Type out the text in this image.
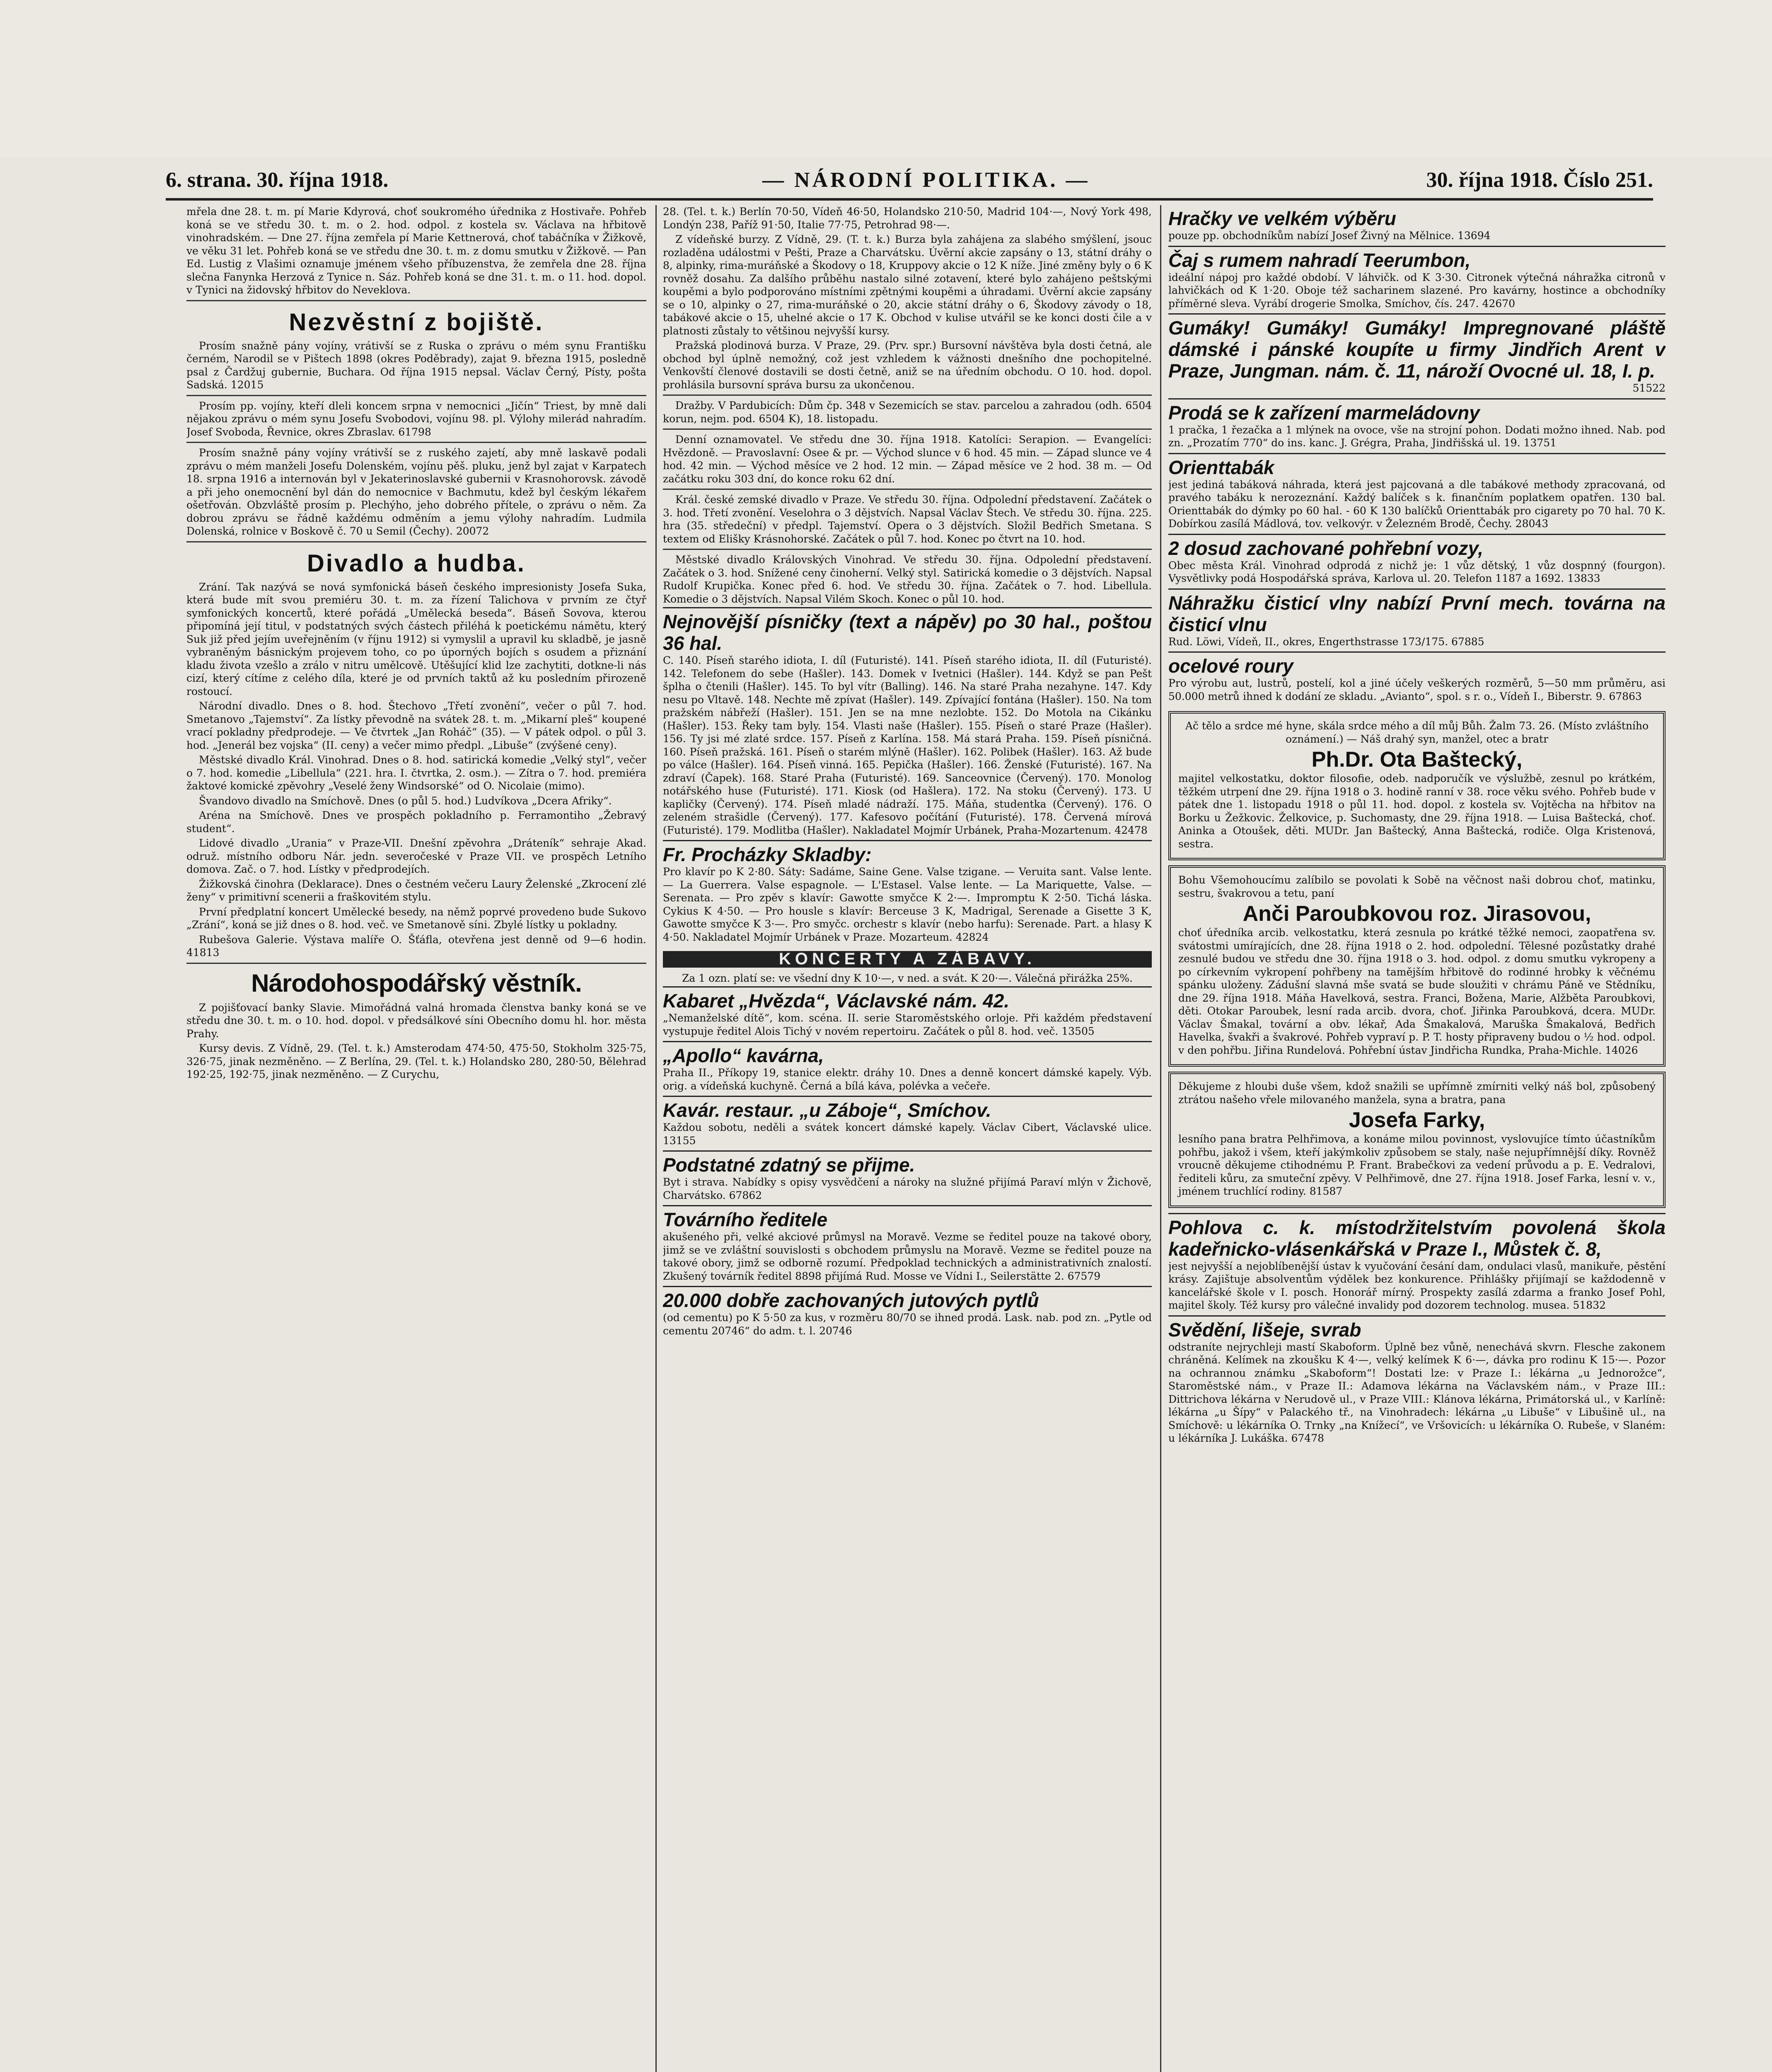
6. strana. 30. října 1918.	— NÁRODNÍ POLITIKA. —	30. října 1918. Číslo 251.

mřela dne 28. t. m. pí Marie Kdyrová, choť soukromého úřednika z Hostivaře. Pohřeb koná se ve středu 30. t. m. o 2. hod. odpol. z kostela sv. Václava na hřbitově vinohradském. — Dne 27. října zemřela pí Marie Kettnerová, choť tabáčníka v Žižkově, ve věku 31 let. Pohřeb koná se ve středu dne 30. t. m. z domu smutku v Žižkově. — Pan Ed. Lustig z Vlašimi oznamuje jménem všeho příbuzenstva, že zemřela dne 28. října slečna Fanynka Herzová z Tynice n. Sáz. Pohřeb koná se dne 31. t. m. o 11. hod. dopol. v Tynici na židovský hřbitov do Neveklova.

Nezvěstní z bojiště.

Prosím snažně pány vojíny, vrátivší se z Ruska o zprávu o mém synu Františku černém, Narodil se v Pištech 1898 (okres Poděbrady), zajat 9. března 1915, posledně psal z Čardžuj gubernie, Buchara. Od října 1915 nepsal. Václav Černý, Písty, pošta Sadská. 12015

Prosím pp. vojíny, kteří dleli koncem srpna v nemocnici „Jičín“ Triest, by mně dali nějakou zprávu o mém synu Josefu Svobodovi, vojínu 98. pl. Výlohy milerád nahradím. Josef Svoboda, Řevnice, okres Zbraslav. 61798

Prosím snažně pány vojíny vrátivší se z ruského zajetí, aby mně laskavě podali zprávu o mém manželi Josefu Dolenském, vojínu pěš. pluku, jenž byl zajat v Karpatech 18. srpna 1916 a internován byl v Jekaterinoslavské gubernii v Krasnohorovsk. závodě a při jeho onemocnění byl dán do nemocnice v Bachmutu, kdež byl českým lékařem ošetřován. Obzvláště prosím p. Plechýho, jeho dobrého přítele, o zprávu o něm. Za dobrou zprávu se řádně každému odměním a jemu výlohy nahradím. Ludmila Dolenská, rolnice v Boskově č. 70 u Semil (Čechy). 20072

Divadlo a hudba.

Zrání. Tak nazývá se nová symfonická báseň českého impresionisty Josefa Suka, která bude mít svou premiéru 30. t. m. za řízení Talichova v prvním ze čtyř symfonických koncertů, které pořádá „Umělecká beseda“. Báseň Sovova, kterou připomíná její titul, v podstatných svých částech přiléhá k poetickému námětu, který Suk již před jejím uveřejněním (v říjnu 1912) si vymyslil a upravil ku skladbě, je jasně vybraněným básnickým projevem toho, co po úporných bojích s osudem a přiznání kladu života vzešlo a zrálo v nitru umělcově. Utěšující klid lze zachytiti, dotkne-li nás cizí, který cítíme z celého díla, které je od prvních taktů až ku posledním přirozeně rostoucí.

Národní divadlo. Dnes o 8. hod. Štechovo „Třetí zvonění“, večer o půl 7. hod. Smetanovo „Tajemství“. Za lístky převodně na svátek 28. t. m. „Mikarní pleš“ koupené vrací pokladny předprodeje. — Ve čtvrtek „Jan Roháč“ (35). — V pátek odpol. o půl 3. hod. „Jenerál bez vojska“ (II. ceny) a večer mimo předpl. „Libuše“ (zvýšené ceny).

Městské divadlo Král. Vinohrad. Dnes o 8. hod. satirická komedie „Velký styl“, večer o 7. hod. komedie „Libellula“ (221. hra. I. čtvrtka, 2. osm.). — Zítra o 7. hod. premiéra žaktové komické zpěvohry „Veselé ženy Windsorské“ od O. Nicolaie (mimo).

Švandovo divadlo na Smíchově. Dnes (o půl 5. hod.) Ludvíkova „Dcera Afriky“.

Aréna na Smíchově. Dnes ve prospěch pokladního p. Ferramontiho „Žebravý student“.

Lidové divadlo „Urania“ v Praze-VII. Dnešní zpěvohra „Dráteník“ sehraje Akad. odruž. místního odboru Nár. jedn. severočeské v Praze VII. ve prospěch Letního domova. Zač. o 7. hod. Lístky v předprodejích.

Žižkovská činohra (Deklarace). Dnes o čestném večeru Laury Želenské „Zkrocení zlé ženy“ v primitivní scenerii a fraškovitém stylu.

První předplatní koncert Umělecké besedy, na němž poprvé provedeno bude Sukovo „Zrání“, koná se již dnes o 8. hod. več. ve Smetanově síni. Zbylé lístky u pokladny.

Rubešova Galerie. Výstava malíře O. Šťáfla, otevřena jest denně od 9—6 hodin. 41813

Národohospodářský věstník.

Z pojišťovací banky Slavie. Mimořádná valná hromada členstva banky koná se ve středu dne 30. t. m. o 10. hod. dopol. v předsálkové síni Obecního domu hl. hor. města Prahy.

Kursy devis. Z Vídně, 29. (Tel. t. k.) Amsterodam 474·50, 475·50, Stokholm 325·75, 326·75, jinak nezměněno. — Z Berlína, 29. (Tel. t. k.) Holandsko 280, 280·50, Bělehrad 192·25, 192·75, jinak nezměněno. — Z Curychu,

28. (Tel. t. k.) Berlín 70·50, Vídeň 46·50, Holandsko 210·50, Madrid 104·—, Nový York 498, Londýn 238, Paříž 91·50, Italie 77·75, Petrohrad 98·—.

Z vídeňské burzy. Z Vídně, 29. (T. t. k.) Burza byla zahájena za slabého smýšlení, jsouc rozladěna událostmi v Pešti, Praze a Charvátsku. Úvěrní akcie zapsány o 13, státní dráhy o 8, alpinky, rima-muráňské a Škodovy o 18, Kruppovy akcie o 12 K níže. Jiné změny byly o 6 K rovněž dosahu. Za dalšího průběhu nastalo silné zotavení, které bylo zahájeno peštskými koupěmi a bylo podporováno místními zpětnými koupěmi a úhradami. Úvěrní akcie zapsány se o 10, alpinky o 27, rima-muráňské o 20, akcie státní dráhy o 6, Škodovy závody o 18, tabákové akcie o 15, uhelné akcie o 17 K. Obchod v kulise utvářil se ke konci dosti čile a v platnosti zůstaly to většinou nejvyšší kursy.

Pražská plodinová burza. V Praze, 29. (Prv. spr.) Bursovní návštěva byla dosti četná, ale obchod byl úplně nemožný, což jest vzhledem k vážnosti dnešního dne pochopitelné. Venkovští členové dostavili se dosti četně, aniž se na úředním obchodu. O 10. hod. dopol. prohlásila bursovní správa bursu za ukončenou.

Dražby. V Pardubicích: Dům čp. 348 v Sezemicích se stav. parcelou a zahradou (odh. 6504 korun, nejm. pod. 6504 K), 18. listopadu.

Denní oznamovatel. Ve středu dne 30. října 1918. Katolíci: Serapion. — Evangelíci: Hvězdoně. — Pravoslavní: Osee & pr. — Východ slunce v 6 hod. 45 min. — Západ slunce ve 4 hod. 42 min. — Východ měsíce ve 2 hod. 12 min. — Západ měsíce ve 2 hod. 38 m. — Od začátku roku 303 dní, do konce roku 62 dní.

Král. české zemské divadlo v Praze. Ve středu 30. října. Odpolední představení. Začátek o 3. hod. Třetí zvonění. Veselohra o 3 dějstvích. Napsal Václav Štech. Ve středu 30. října. 225. hra (35. středeční) v předpl. Tajemství. Opera o 3 dějstvích. Složil Bedřich Smetana. S textem od Elišky Krásnohorské. Začátek o půl 7. hod. Konec po čtvrt na 10. hod.

Městské divadlo Královských Vinohrad. Ve středu 30. října. Odpolední představení. Začátek o 3. hod. Snížené ceny činoherní. Velký styl. Satirická komedie o 3 dějstvích. Napsal Rudolf Krupička. Konec před 6. hod. Ve středu 30. října. Začátek o 7. hod. Libellula. Komedie o 3 dějstvích. Napsal Vilém Skoch. Konec o půl 10. hod.

Nejnovější písničky (text a nápěv) po 30 hal., poštou 36 hal.

C. 140. Píseň starého idiota, I. díl (Futuristé). 141. Píseň starého idiota, II. díl (Futuristé). 142. Telefonem do sebe (Hašler). 143. Domek v Ivetnici (Hašler). 144. Když se pan Pešt šplha o čtenili (Hašler). 145. To byl vítr (Balling). 146. Na staré Praha nezahyne. 147. Kdy nesu po Vltavě. 148. Nechte mě zpívat (Hašler). 149. Zpívající fontána (Hašler). 150. Na tom pražském nábřeží (Hašler). 151. Jen se na mne nezlobte. 152. Do Motola na Cikánku (Hašler). 153. Řeky tam byly. 154. Vlasti naše (Hašler). 155. Píseň o staré Praze (Hašler). 156. Ty jsi mé zlaté srdce. 157. Píseň z Karlína. 158. Má stará Praha. 159. Píseň písničná. 160. Píseň pražská. 161. Píseň o starém mlýně (Hašler). 162. Polibek (Hašler). 163. Až bude po válce (Hašler). 164. Píseň vinná. 165. Pepička (Hašler). 166. Ženské (Futuristé). 167. Na zdraví (Čapek). 168. Staré Praha (Futuristé). 169. Sanceovnice (Červený). 170. Monolog notářského huse (Futuristé). 171. Kiosk (od Hašlera). 172. Na stoku (Červený). 173. U kapličky (Červený). 174. Píseň mladé nádraží. 175. Máňa, studentka (Červený). 176. O zeleném strašidle (Červený). 177. Kafesovo počítání (Futuristé). 178. Červená mírová (Futuristé). 179. Modlitba (Hašler). Nakladatel Mojmír Urbánek, Praha-Mozartenum. 42478

Fr. Procházky Skladby:

Pro klavír po K 2·80. Sáty: Sadáme, Saine Gene. Valse tzigane. — Veruita sant. Valse lente. — La Guerrera. Valse espagnole. — L'Estasel. Valse lente. — La Mariquette, Valse. — Serenata. — Pro zpěv s klavír: Gawotte smyčce K 2·—. Impromptu K 2·50. Tichá láska. Cykius K 4·50. — Pro housle s klavír: Berceuse 3 K, Madrigal, Serenade a Gisette 3 K, Gawotte smyčce K 3·—. Pro smyčc. orchestr s klavír (nebo harfu): Serenade. Part. a hlasy K 4·50. Nakladatel Mojmír Urbánek v Praze. Mozarteum. 42824

KONCERTY A ZÁBAVY.

Za 1 ozn. platí se: ve všední dny K 10·—, v ned. a svát. K 20·—. Válečná přirážka 25%.

Kabaret „Hvězda“, Václavské nám. 42.

„Nemanželské dítě“, kom. scéna. II. serie Staroměstského orloje. Při každém představení vystupuje ředitel Alois Tichý v novém repertoiru. Začátek o půl 8. hod. več. 13505

„Apollo“ kavárna,

Praha II., Příkopy 19, stanice elektr. dráhy 10. Dnes a denně koncert dámské kapely. Výb. orig. a vídeňská kuchyně. Černá a bílá káva, polévka a večeře.

Kavár. restaur. „u Záboje“, Smíchov.

Každou sobotu, neděli a svátek koncert dámské kapely. Václav Cibert, Václavské ulice. 13155

Podstatné zdatný se přijme.

Byt i strava. Nabídky s opisy vysvědčení a nároky na služné přijímá Paraví mlýn v Žichově, Charvátsko. 67862

Továrního ředitele

akušeného při, velké akciové průmysl na Moravě. Vezme se ředitel pouze na takové obory, jimž se ve zvláštní souvislosti s obchodem průmyslu na Moravě. Vezme se ředitel pouze na takové obory, jimž se odborně rozumí. Předpoklad technických a administrativních znalostí. Zkušený továrník ředitel 8898 přijímá Rud. Mosse ve Vídni I., Seilerstätte 2. 67579

20.000 dobře zachovaných jutových pytlů

(od cementu) po K 5·50 za kus, v rozměru 80/70 se ihned prodá. Lask. nab. pod zn. „Pytle od cementu 20746“ do adm. t. l. 20746

Hračky ve velkém výběru

pouze pp. obchodníkům nabízí Josef Živný na Mělnice. 13694

Čaj s rumem nahradí Teerumbon,

ideální nápoj pro každé období. V láhvičk. od K 3·30. Citronek výtečná náhražka citronů v lahvičkách od K 1·20. Oboje též sacharinem slazené. Pro kavárny, hostince a obchodníky příměrné sleva. Vyrábí drogerie Smolka, Smíchov, čís. 247. 42670

Gumáky! Gumáky! Gumáky! Impregnované pláště dámské i pánské koupíte u firmy Jindřich Arent v Praze, Jungman. nám. č. 11, nároží Ovocné ul. 18, I. p.

51522

Prodá se k zařízení marmeládovny

1 pračka, 1 řezačka a 1 mlýnek na ovoce, vše na strojní pohon. Dodati možno ihned. Nab. pod zn. „Prozatím 770“ do ins. kanc. J. Grégra, Praha, Jindřišská ul. 19. 13751

Orienttabák

jest jediná tabáková náhrada, která jest pajcovaná a dle tabákové methody zpracovaná, od pravého tabáku k nerozeznání. Každý balíček s k. finančním poplatkem opatřen. 130 bal. Orienttabák do dýmky po 60 hal. - 60 K 130 balíčků Orienttabák pro cigarety po 70 hal. 70 K. Dobírkou zasílá Mádlová, tov. velkovýr. v Železném Brodě, Čechy. 28043

2 dosud zachované pohřební vozy,

Obec města Král. Vinohrad odprodá z nichž je: 1 vůz dětský, 1 vůz dospnný (fourgon). Vysvětlivky podá Hospodářská správa, Karlova ul. 20. Telefon 1187 a 1692. 13833

Náhražku čisticí vlny nabízí První mech. továrna na čisticí vlnu

Rud. Löwi, Vídeň, II., okres, Engerthstrasse 173/175. 67885

ocelové roury

Pro výrobu aut, lustrů, postelí, kol a jiné účely veškerých rozměrů, 5—50 mm průměru, asi 50.000 metrů ihned k dodání ze skladu. „Avianto“, spol. s r. o., Vídeň I., Biberstr. 9. 67863

Ač tělo a srdce mé hyne, skála srdce mého a díl můj Bůh. Žalm 73. 26. (Místo zvláštního oznámení.) — Náš drahý syn, manžel, otec a bratr

Ph.Dr. Ota Baštecký,

majitel velkostatku, doktor filosofie, odeb. nadporučík ve výslužbě, zesnul po krátkém, těžkém utrpení dne 29. října 1918 o 3. hodině ranní v 38. roce věku svého. Pohřeb bude v pátek dne 1. listopadu 1918 o půl 11. hod. dopol. z kostela sv. Vojtěcha na hřbitov na Borku u Žežkovic. Želkovice, p. Suchomasty, dne 29. října 1918. — Luisa Baštecká, choť. Aninka a Otoušek, děti. MUDr. Jan Baštecký, Anna Baštecká, rodiče. Olga Kristenová, sestra.

Bohu Všemohoucímu zalíbilo se povolati k Sobě na věčnost naši dobrou choť, matinku, sestru, švakrovou a tetu, paní

Anči Paroubkovou roz. Jirasovou,

choť úředníka arcib. velkostatku, která zesnula po krátké těžké nemoci, zaopatřena sv. svátostmi umírajících, dne 28. října 1918 o 2. hod. odpolední. Tělesné pozůstatky drahé zesnulé budou ve středu dne 30. října 1918 o 3. hod. odpol. z domu smutku vykropeny a po církevním vykropení pohřbeny na tamějším hřbitově do rodinné hrobky k věčnému spánku uloženy. Zádušní slavná mše svatá se bude sloužiti v chrámu Páně ve Stědníku, dne 29. října 1918. Máňa Havelková, sestra. Franci, Božena, Marie, Alžběta Paroubkovi, děti. Otokar Paroubek, lesní rada arcib. dvora, choť. Jiřinka Paroubková, dcera. MUDr. Václav Šmakal, tovární a obv. lékař, Ada Šmakalová, Maruška Šmakalová, Bedřich Havelka, švakři a švakrové. Pohřeb vypraví p. P. T. hosty připraveny budou o ½ hod. odpol. v den pohřbu. Jiřina Rundelová. Pohřební ústav Jindřicha Rundka, Praha-Michle. 14026

Děkujeme z hloubi duše všem, kdož snažili se upřímně zmírniti velký náš bol, způsobený ztrátou našeho vřele milovaného manžela, syna a bratra, pana

Josefa Farky,

lesního pana bratra Pelhřimova, a konáme milou povinnost, vyslovujíce tímto účastníkům pohřbu, jakož i všem, kteří jakýmkoliv způsobem se staly, naše nejupřímnější díky. Rovněž vroucně děkujeme ctihodnému P. Frant. Brabečkovi za vedení průvodu a p. E. Vedralovi, řediteli kůru, za smuteční zpěvy. V Pelhřimově, dne 27. října 1918. Josef Farka, lesní v. v., jménem truchlící rodiny. 81587

Pohlova c. k. místodržitelstvím povolená škola kadeřnicko-vlásenkářská v Praze I., Můstek č. 8,

jest nejvyšší a nejoblíbenější ústav k vyučování česání dam, ondulaci vlasů, manikuře, pěstění krásy. Zajištuje absolventům výdělek bez konkurence. Přihlášky přijímají se každodenně v kancelářské škole v I. posch. Honorář mírný. Prospekty zasílá zdarma a franko Josef Pohl, majitel školy. Též kursy pro válečné invalidy pod dozorem technolog. musea. 51832

Svědění, lišeje, svrab

odstraníte nejrychleji mastí Skaboform. Úplně bez vůně, nenechává skvrn. Flesche zakonem chráněná. Kelímek na zkoušku K 4·—, velký kelímek K 6·—, dávka pro rodinu K 15·—. Pozor na ochrannou známku „Skaboform“! Dostati lze: v Praze I.: lékárna „u Jednorožce“, Staroměstské nám., v Praze II.: Adamova lékárna na Václavském nám., v Praze III.: Dittrichova lékárna v Nerudově ul., v Praze VIII.: Klánova lékárna, Primátorská ul., v Karlíně: lékárna „u Šípy“ v Palackého tř., na Vinohradech: lékárna „u Libuše“ v Libušině ul., na Smíchově: u lékárníka O. Trnky „na Knížecí“, ve Vršovicích: u lékárníka O. Rubeše, v Slaném: u lékárníka J. Lukáška. 67478
